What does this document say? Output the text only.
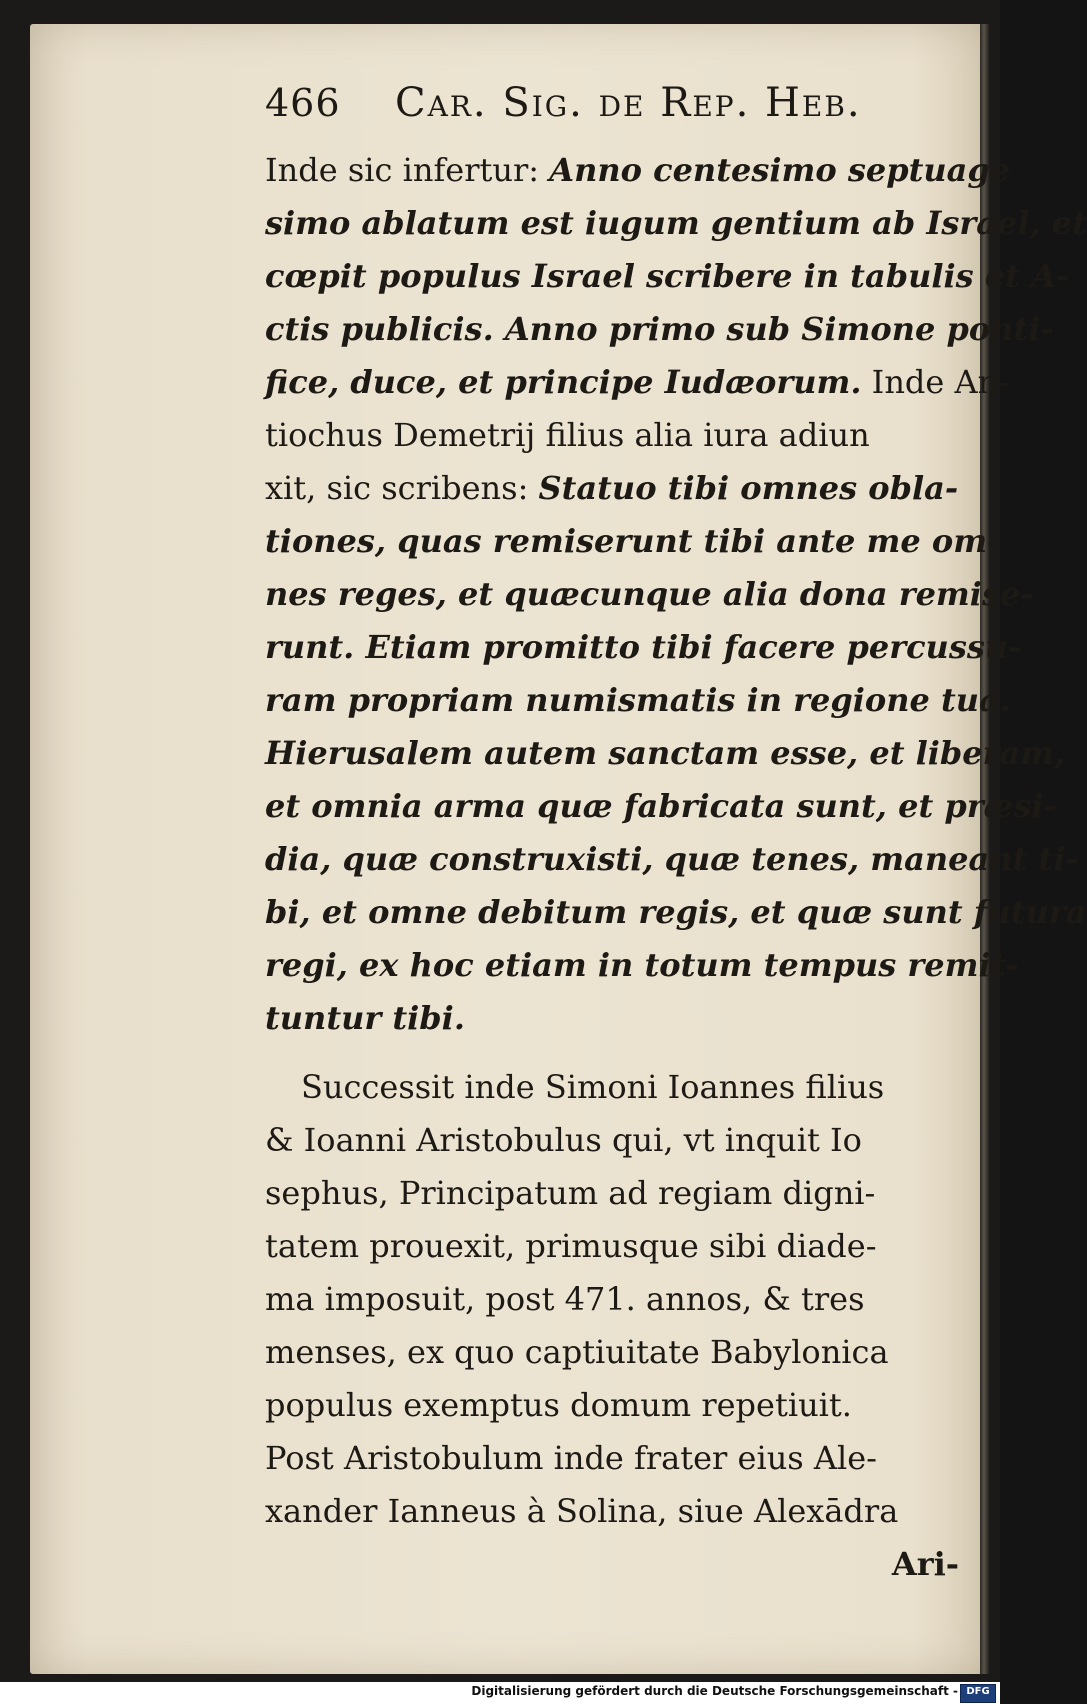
466	Car. Sig. de Rep. Heb.
Inde sic infertur: Anno centesimo septuage
simo ablatum est iugum gentium ab Israel, et
cœpit populus Israel scribere in tabulis et A-
ctis publicis. Anno primo sub Simone ponti-
fice, duce, et principe Iudæorum. Inde An-
tiochus Demetrij filius alia iura adiun
xit, sic scribens: Statuo tibi omnes obla-
tiones, quas remiserunt tibi ante me om-
nes reges, et quæcunque alia dona remise-
runt. Etiam promitto tibi facere percussu-
ram propriam numismatis in regione tua.
Hierusalem autem sanctam esse, et liberam,
et omnia arma quæ fabricata sunt, et præsi-
dia, quæ construxisti, quæ tenes, maneant ti-
bi, et omne debitum regis, et quæ sunt futura
regi, ex hoc etiam in totum tempus remit-
tuntur tibi.
Successit inde Simoni Ioannes filius
& Ioanni Aristobulus qui, vt inquit Io
sephus, Principatum ad regiam digni-
tatem prouexit, primusque sibi diade-
ma imposuit, post 471. annos, & tres
menses, ex quo captiuitate Babylonica
populus exemptus domum repetiuit.
Post Aristobulum inde frater eius Ale-
xander Ianneus à Solina, siue Alexādra
Ari-
Digitalisierung gefördert durch die Deutsche Forschungsgemeinschaft - DFG
